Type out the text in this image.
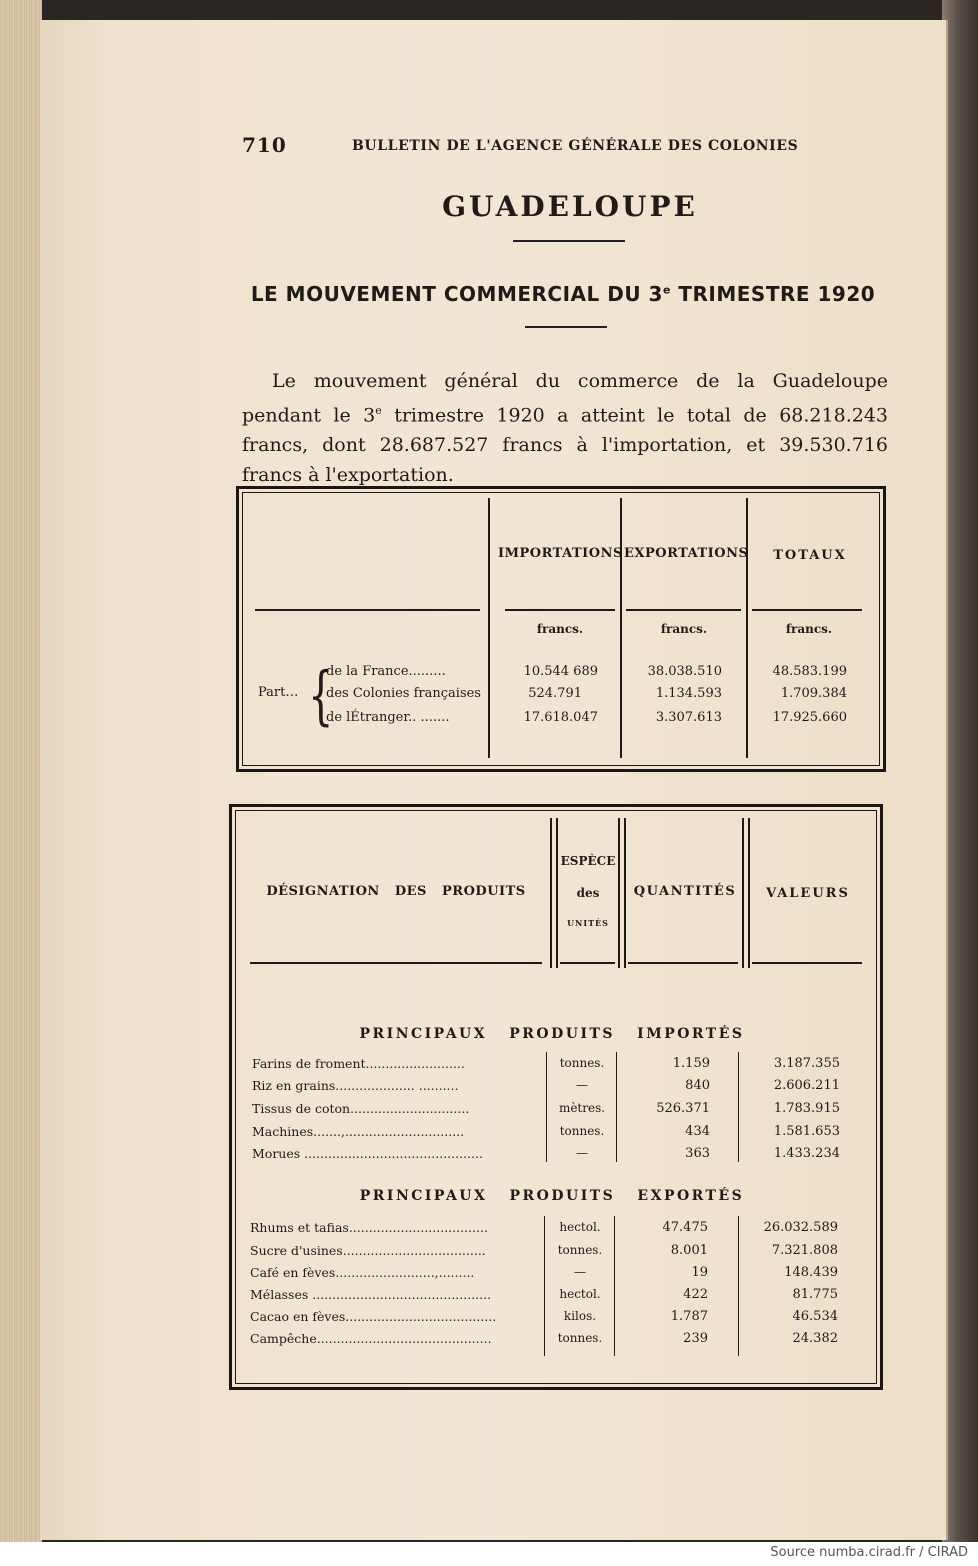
710	BULLETIN DE L'AGENCE GÉNÉRALE DES COLONIES
GUADELOUPE
LE MOUVEMENT COMMERCIAL DU 3e TRIMESTRE 1920
Le mouvement général du commerce de la Guadeloupe pendant le 3e trimestre 1920 a atteint le total de 68.218.243 francs, dont 28.687.527 francs à l'importation, et 39.530.716 francs à l'exportation.
IMPORTATIONS EXPORTATIONS	TOTAUX
francs.	francs.	francs.
Part… {
de la France.........	10.544 689	38.038.510	48.583.199
des Colonies françaises	524.791	1.134.593	1.709.384
de lÉtranger.. .......	17.618.047	3.307.613	17.925.660
DÉSIGNATION   DES   PRODUITS
ESPÈCE
des
UNITÉS
QUANTITÉS	VALEURS
PRINCIPAUX   PRODUITS   IMPORTÉS
Farins de froment.........................	tonnes.	1.159	3.187.355
Riz en grains.................... ..........	—	840	2.606.211
Tissus de coton..............................	mètres.	526.371	1.783.915
Machines.......,..............................	tonnes.	434	1.581.653
Morues .............................................	—	363	1.433.234
PRINCIPAUX   PRODUITS   EXPORTÉS
Rhums et tafias...................................	hectol.	47.475	26.032.589
Sucre d'usines....................................	tonnes.	8.001	7.321.808
Café en fèves.........................,.........	—	19	148.439
Mélasses .............................................	hectol.	422	81.775
Cacao en fèves......................................	kilos.	1.787	46.534
Campêche............................................	tonnes.	239	24.382
Source numba.cirad.fr / CIRAD
